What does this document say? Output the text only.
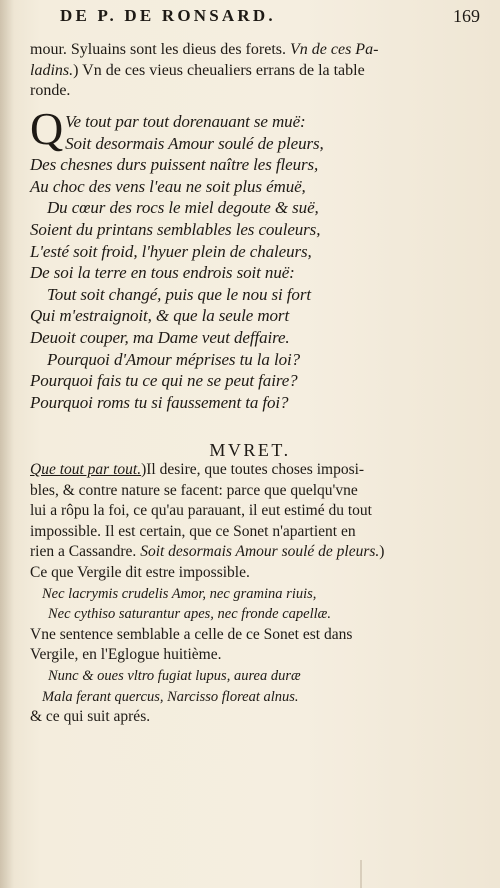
DE P. DE RONSARD.	169
mour. Syluains sont les dieus des forets. Vn de ces Pa-
ladins.) Vn de ces vieus cheualiers errans de la table
ronde.
Q Ve tout par tout dorenauant se muë:
Soit desormais Amour soulé de pleurs,
Des chesnes durs puissent naître les fleurs,
Au choc des vens l'eau ne soit plus émuë,
Du cœur des rocs le miel degoute & suë,
Soient du printans semblables les couleurs,
L'esté soit froid, l'hyuer plein de chaleurs,
De soi la terre en tous endrois soit nuë:
Tout soit changé, puis que le nou si fort
Qui m'estraignoit, & que la seule mort
Deuoit couper, ma Dame veut deffaire.
Pourquoi d'Amour méprises tu la loi?
Pourquoi fais tu ce qui ne se peut faire?
Pourquoi roms tu si faussement ta foi?
MVRET.
Que tout par tout.)Il desire, que toutes choses imposi-
bles, & contre nature se facent: parce que quelqu'vne
lui a rôpu la foi, ce qu'au parauant, il eut estimé du tout
impossible. Il est certain, que ce Sonet n'apartient en
rien a Cassandre. Soit desormais Amour soulé de pleurs.)
Ce que Vergile dit estre impossible.
Nec lacrymis crudelis Amor, nec gramina riuis,
Nec cythiso saturantur apes, nec fronde capellæ.
Vne sentence semblable a celle de ce Sonet est dans
Vergile, en l'Eglogue huitième.
Nunc & oues vltro fugiat lupus, aurea duræ
Mala ferant quercus, Narcisso floreat alnus.
& ce qui suit aprés.
